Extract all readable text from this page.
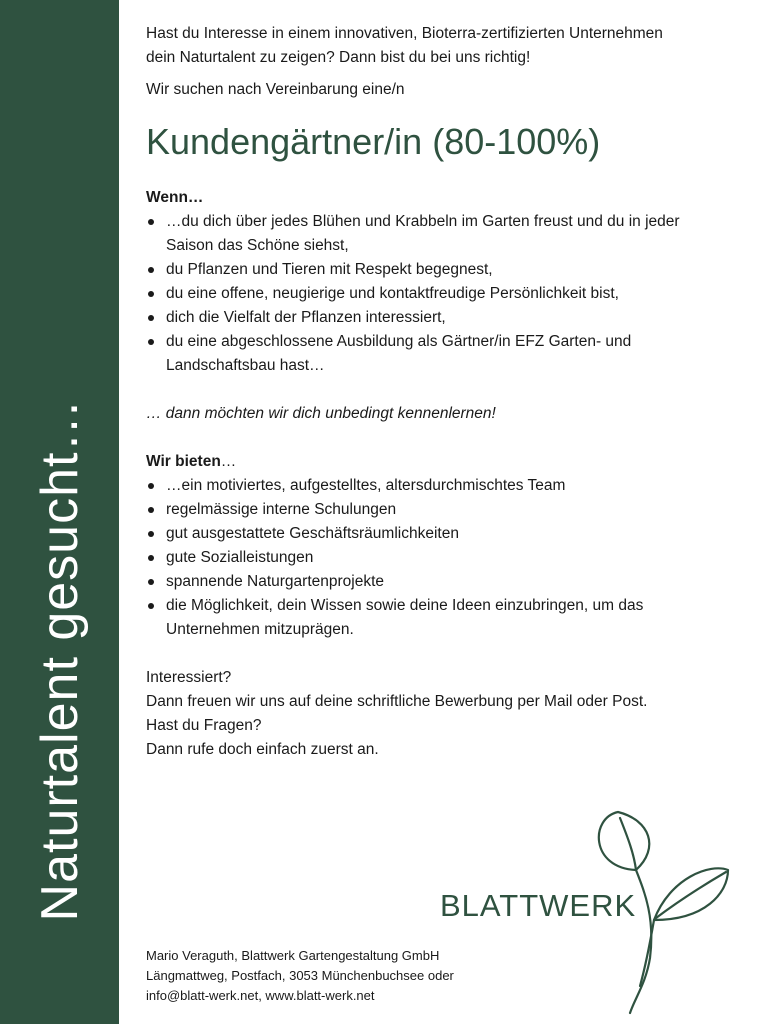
Naturtalent gesucht…

Hast du Interesse in einem innovativen, Bioterra-zertifizierten Unternehmen dein Naturtalent zu zeigen? Dann bist du bei uns richtig!

Wir suchen nach Vereinbarung eine/n

Kundengärtner/in (80-100%)

Wenn…

…du dich über jedes Blühen und Krabbeln im Garten freust und du in jeder Saison das Schöne siehst,
du Pflanzen und Tieren mit Respekt begegnest,
du eine offene, neugierige und kontaktfreudige Persönlichkeit bist,
dich die Vielfalt der Pflanzen interessiert,
du eine abgeschlossene Ausbildung als Gärtner/in EFZ Garten- und Landschaftsbau hast…

… dann möchten wir dich unbedingt kennenlernen!

Wir bieten…

…ein motiviertes, aufgestelltes, altersdurchmischtes Team
regelmässige interne Schulungen
gut ausgestattete Geschäftsräumlichkeiten
gute Sozialleistungen
spannende Naturgartenprojekte
die Möglichkeit, dein Wissen sowie deine Ideen einzubringen, um das Unternehmen mitzuprägen.

Interessiert?

Dann freuen wir uns auf deine schriftliche Bewerbung per Mail oder Post.

Hast du Fragen?

Dann rufe doch einfach zuerst an.

BLATTWERK
Mario Veraguth, Blattwerk Gartengestaltung GmbH
Längmattweg, Postfach, 3053 Münchenbuchsee oder
info@blatt-werk.net, www.blatt-werk.net
